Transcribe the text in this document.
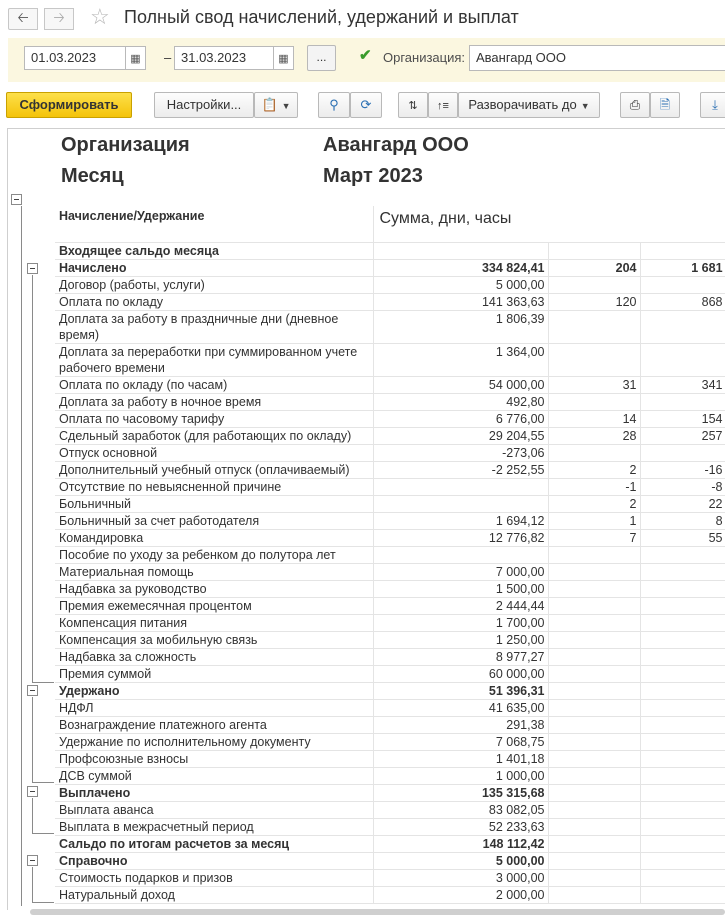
🡠	🡢	☆ Полный свод начислений, удержаний и выплат
01.03.2023	▦	– 31.03.2023	▦	...	✔ Организация: Авангард ООО
Сформировать	Настройки...	📋 ▼	⚲	⟳	⇅	↑≡	Разворачивать до ▼	⎙	🗎	⤓
Организация	Авангард ООО
Месяц	Март 2023
Начисление/Удержание	Сумма, дни, часы		
Входящее сальдо месяца			
Начислено	334 824,41	204	1 681
Договор (работы, услуги)	5 000,00		
Оплата по окладу	141 363,63	120	868
Доплата за работу в праздничные дни (дневное время)	1 806,39		
Доплата за переработки при суммированном учете рабочего времени	1 364,00		
Оплата по окладу (по часам)	54 000,00	31	341
Доплата за работу в ночное время	492,80		
Оплата по часовому тарифу	6 776,00	14	154
Сдельный заработок (для работающих по окладу)	29 204,55	28	257
Отпуск основной	-273,06		
Дополнительный учебный отпуск (оплачиваемый)	-2 252,55	2	-16
Отсутствие по невыясненной причине		-1	-8
Больничный		2	22
Больничный за счет работодателя	1 694,12	1	8
Командировка	12 776,82	7	55
Пособие по уходу за ребенком до полутора лет			
Материальная помощь	7 000,00		
Надбавка за руководство	1 500,00		
Премия ежемесячная процентом	2 444,44		
Компенсация питания	1 700,00		
Компенсация за мобильную связь	1 250,00		
Надбавка за сложность	8 977,27		
Премия суммой	60 000,00		
Удержано	51 396,31		
НДФЛ	41 635,00		
Вознаграждение платежного агента	291,38		
Удержание по исполнительному документу	7 068,75		
Профсоюзные взносы	1 401,18		
ДСВ суммой	1 000,00		
Выплачено	135 315,68		
Выплата аванса	83 082,05		
Выплата в межрасчетный период	52 233,63		
Сальдо по итогам расчетов за месяц	148 112,42		
Справочно	5 000,00		
Стоимость подарков и призов	3 000,00		
Натуральный доход	2 000,00		
